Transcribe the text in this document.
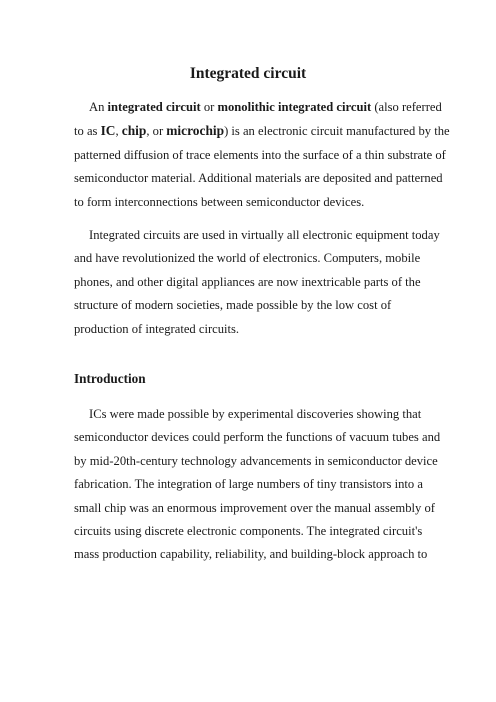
Integrated circuit

An integrated circuit or monolithic integrated circuit (also referred
to as IC, chip, or microchip) is an electronic circuit manufactured by the
patterned diffusion of trace elements into the surface of a thin substrate of
semiconductor material. Additional materials are deposited and patterned
to form interconnections between semiconductor devices.

Integrated circuits are used in virtually all electronic equipment today
and have revolutionized the world of electronics. Computers, mobile
phones, and other digital appliances are now inextricable parts of the
structure of modern societies, made possible by the low cost of
production of integrated circuits.

Introduction

ICs were made possible by experimental discoveries showing that
semiconductor devices could perform the functions of vacuum tubes and
by mid-20th-century technology advancements in semiconductor device
fabrication. The integration of large numbers of tiny transistors into a
small chip was an enormous improvement over the manual assembly of
circuits using discrete electronic components. The integrated circuit's
mass production capability, reliability, and building-block approach to
